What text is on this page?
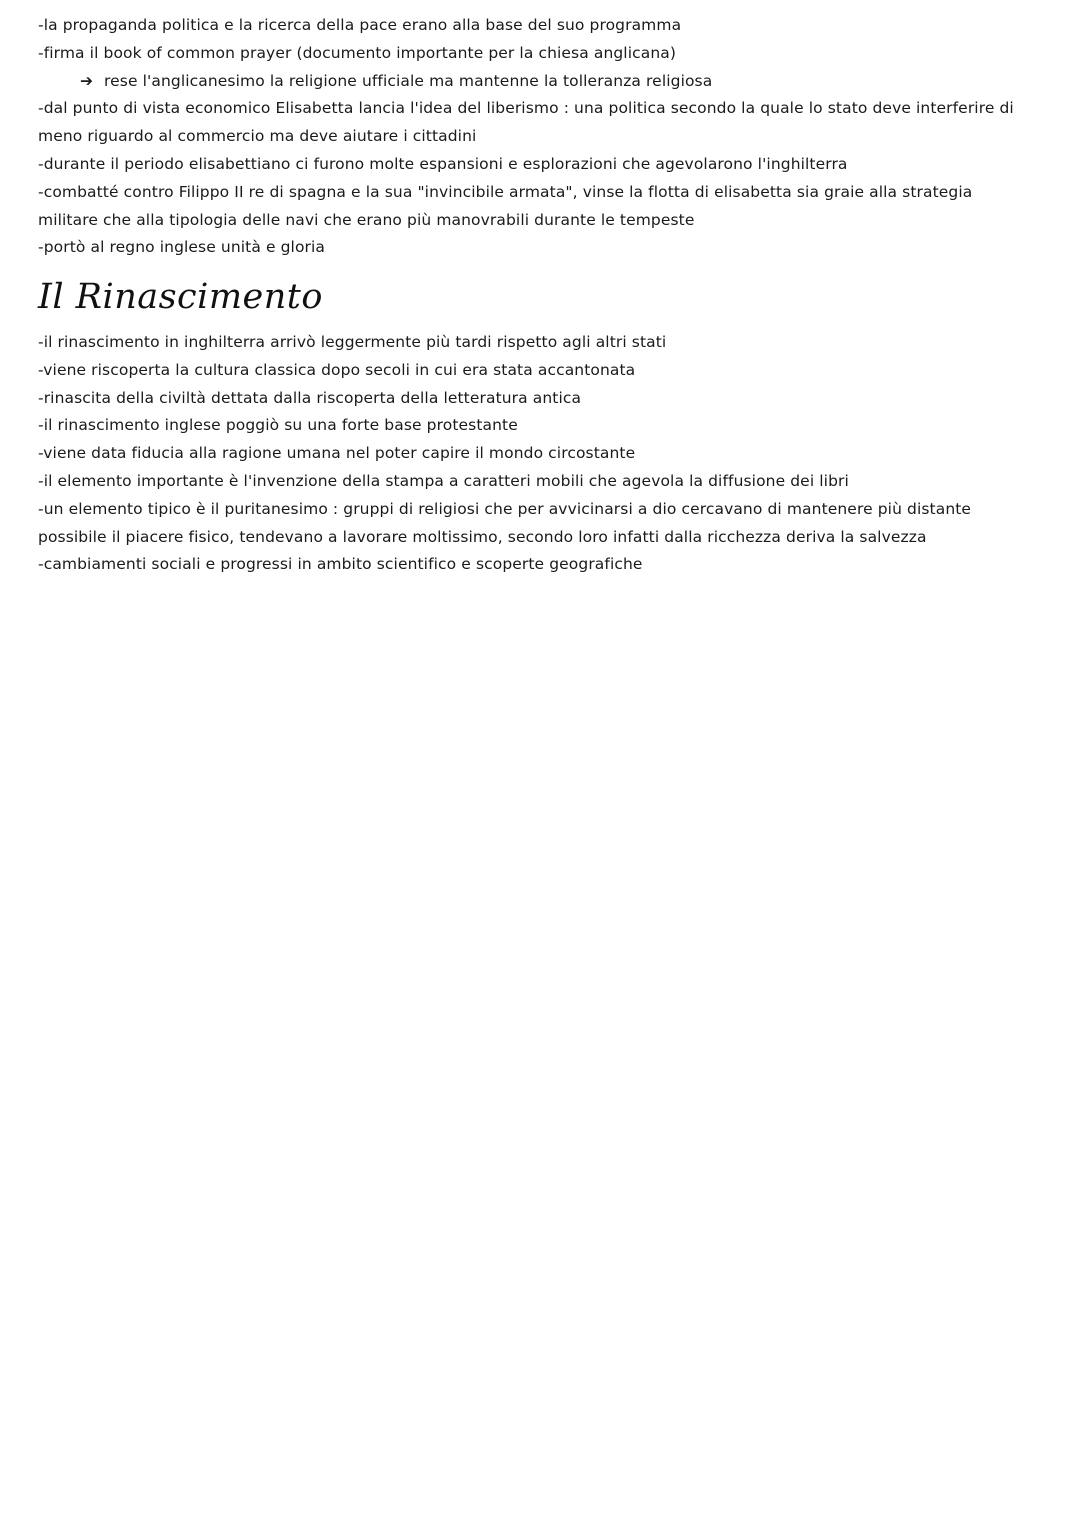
-la propaganda politica e la ricerca della pace erano alla base del suo programma
-firma il book of common prayer (documento importante per la chiesa anglicana)
➔ rese l'anglicanesimo la religione ufficiale ma mantenne la tolleranza religiosa
-dal punto di vista economico Elisabetta lancia l'idea del liberismo : una politica secondo la quale lo stato deve interferire di
meno riguardo al commercio ma deve aiutare i cittadini
-durante il periodo elisabettiano ci furono molte espansioni e esplorazioni che agevolarono l'inghilterra
-combatté contro Filippo II re di spagna e la sua "invincibile armata", vinse la flotta di elisabetta sia graie alla strategia
militare che alla tipologia delle navi che erano più manovrabili durante le tempeste
-portò al regno inglese unità e gloria
Il Rinascimento
-il rinascimento in inghilterra arrivò leggermente più tardi rispetto agli altri stati
-viene riscoperta la cultura classica dopo secoli in cui era stata accantonata
-rinascita della civiltà dettata dalla riscoperta della letteratura antica
-il rinascimento inglese poggiò su una forte base protestante
-viene data fiducia alla ragione umana nel poter capire il mondo circostante
-il elemento importante è l'invenzione della stampa a caratteri mobili che agevola la diffusione dei libri
-un elemento tipico è il puritanesimo : gruppi di religiosi che per avvicinarsi a dio cercavano di mantenere più distante
possibile il piacere fisico, tendevano a lavorare moltissimo, secondo loro infatti dalla ricchezza deriva la salvezza
-cambiamenti sociali e progressi in ambito scientifico e scoperte geografiche
